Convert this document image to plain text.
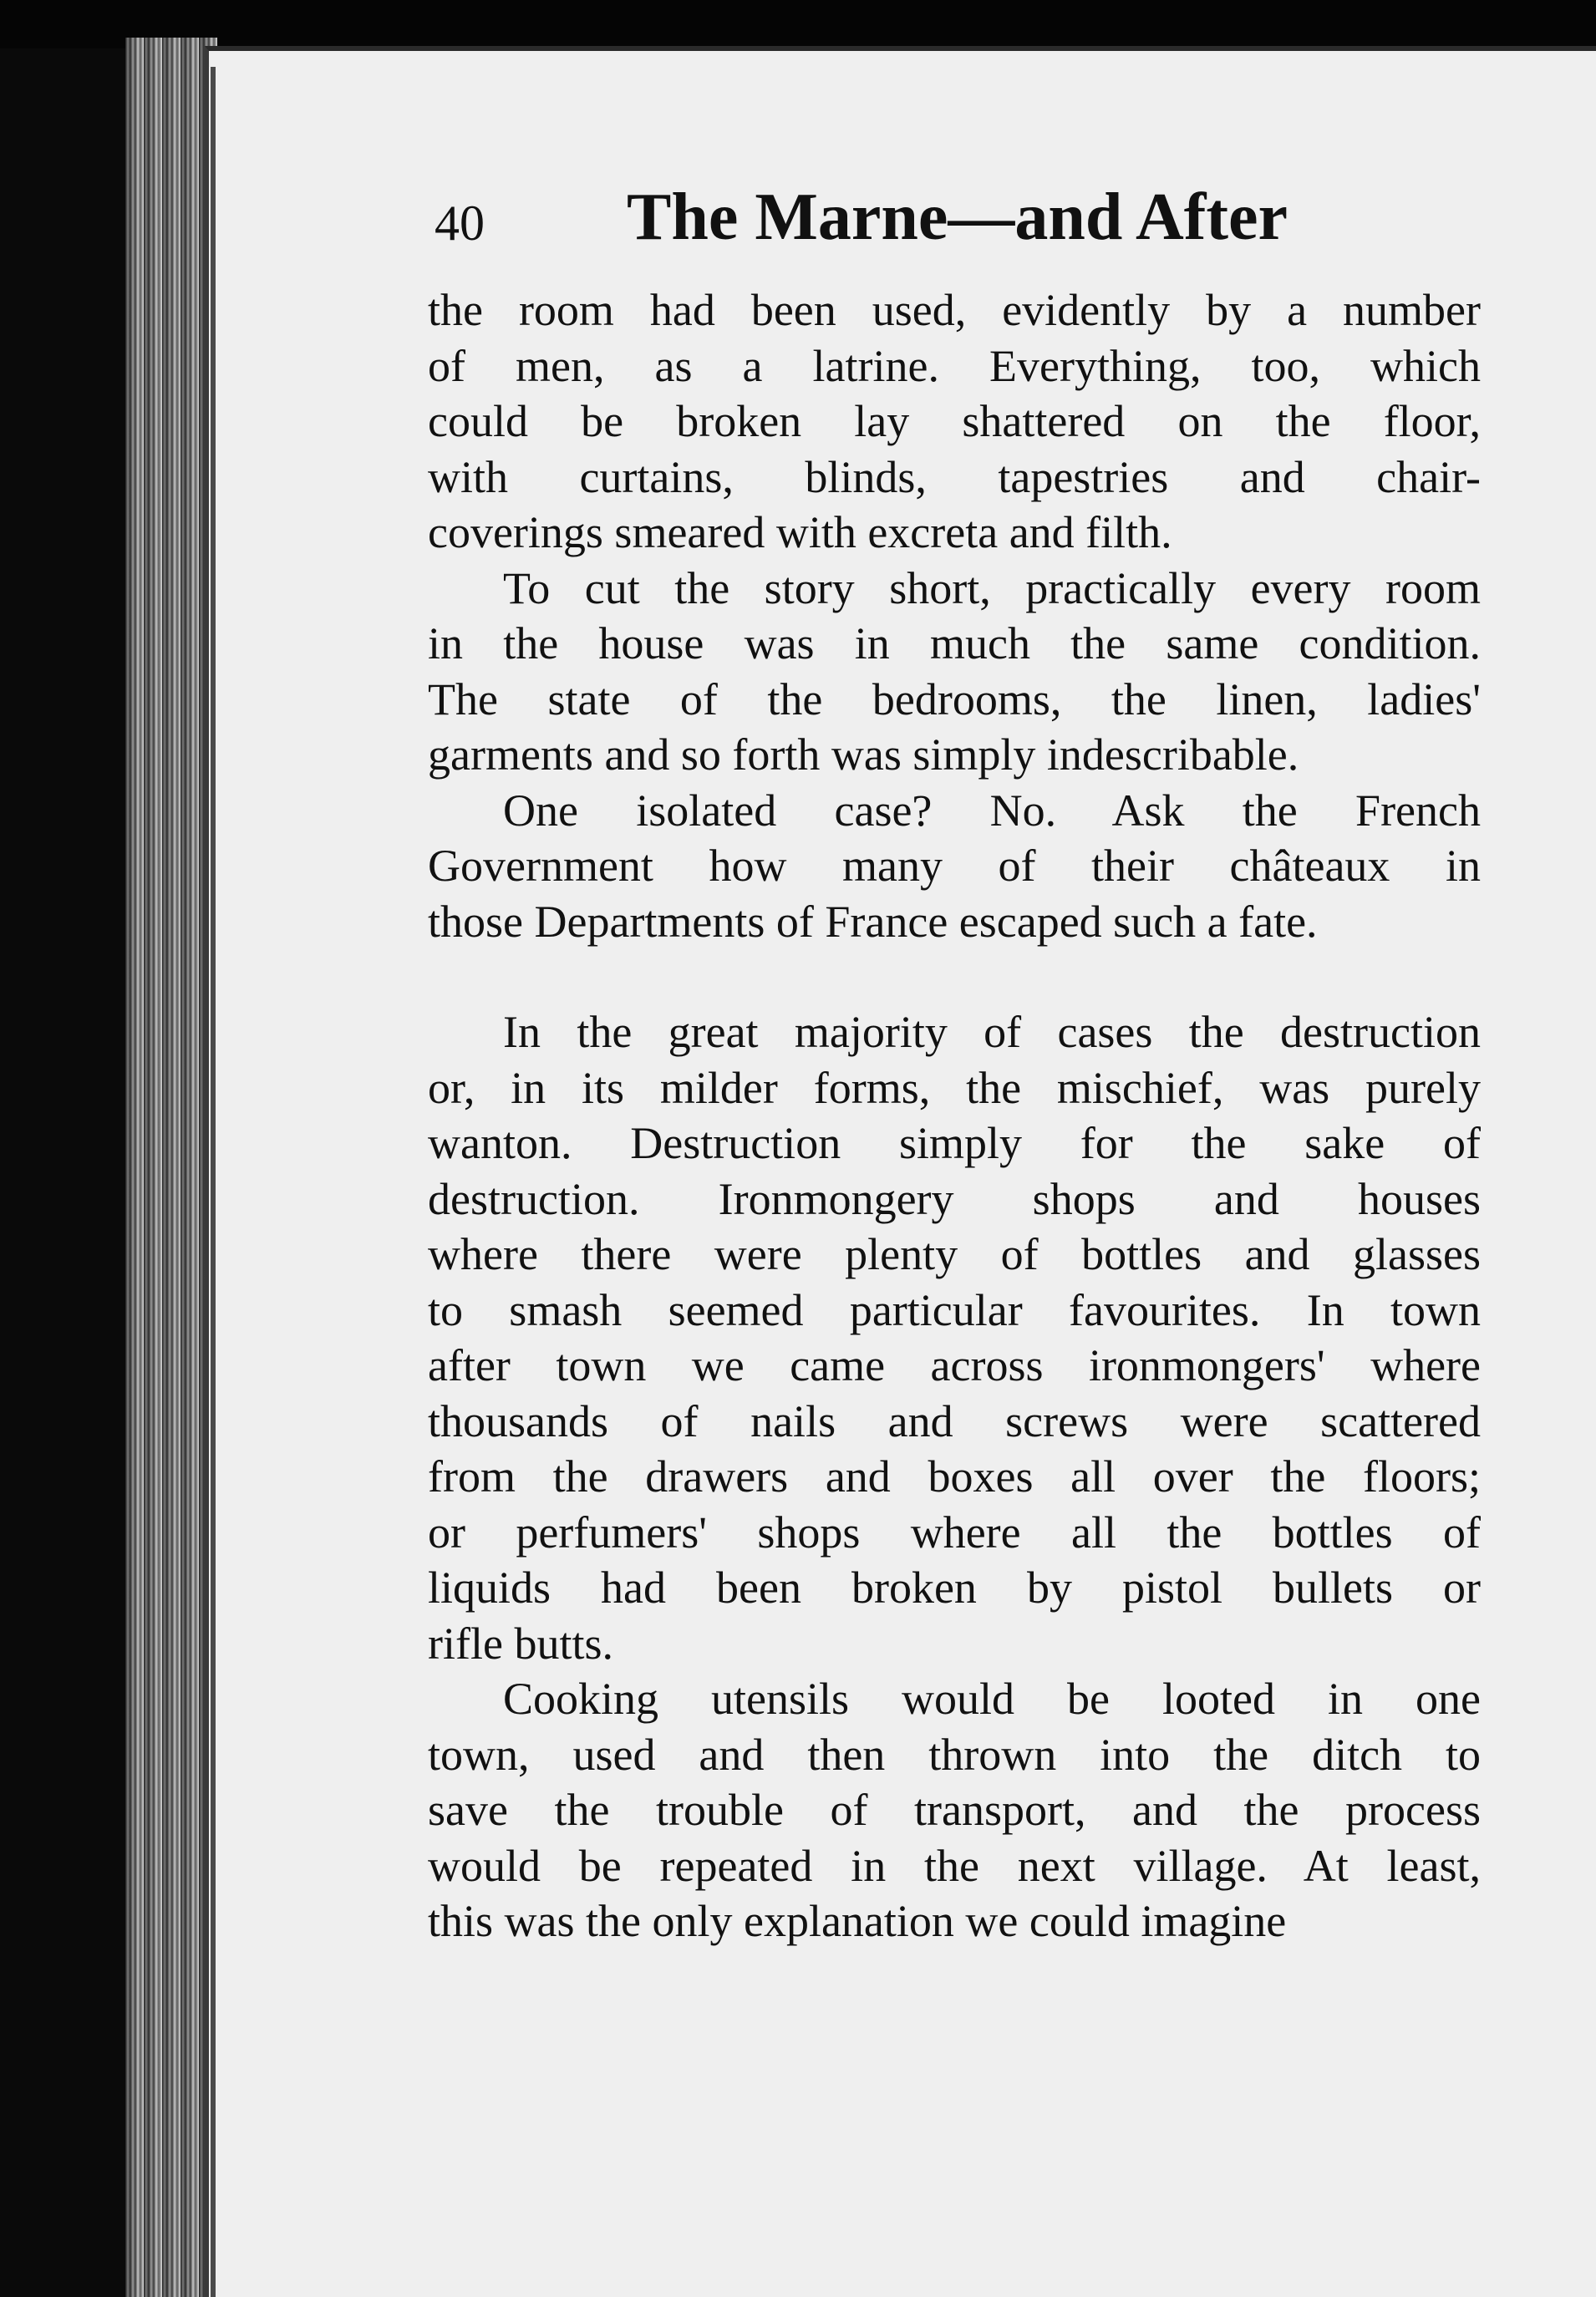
40 The Marne—and After
the room had been used, evidently by a number
of men, as a latrine. Everything, too, which
could be broken lay shattered on the floor,
with curtains, blinds, tapestries and chair-
coverings smeared with excreta and filth.
To cut the story short, practically every room
in the house was in much the same condition.
The state of the bedrooms, the linen, ladies'
garments and so forth was simply indescribable.
One isolated case? No. Ask the French
Government how many of their châteaux in
those Departments of France escaped such a fate.
In the great majority of cases the destruction
or, in its milder forms, the mischief, was purely
wanton. Destruction simply for the sake of
destruction. Ironmongery shops and houses
where there were plenty of bottles and glasses
to smash seemed particular favourites. In town
after town we came across ironmongers' where
thousands of nails and screws were scattered
from the drawers and boxes all over the floors;
or perfumers' shops where all the bottles of
liquids had been broken by pistol bullets or
rifle butts.
Cooking utensils would be looted in one
town, used and then thrown into the ditch to
save the trouble of transport, and the process
would be repeated in the next village. At least,
this was the only explanation we could imagine
